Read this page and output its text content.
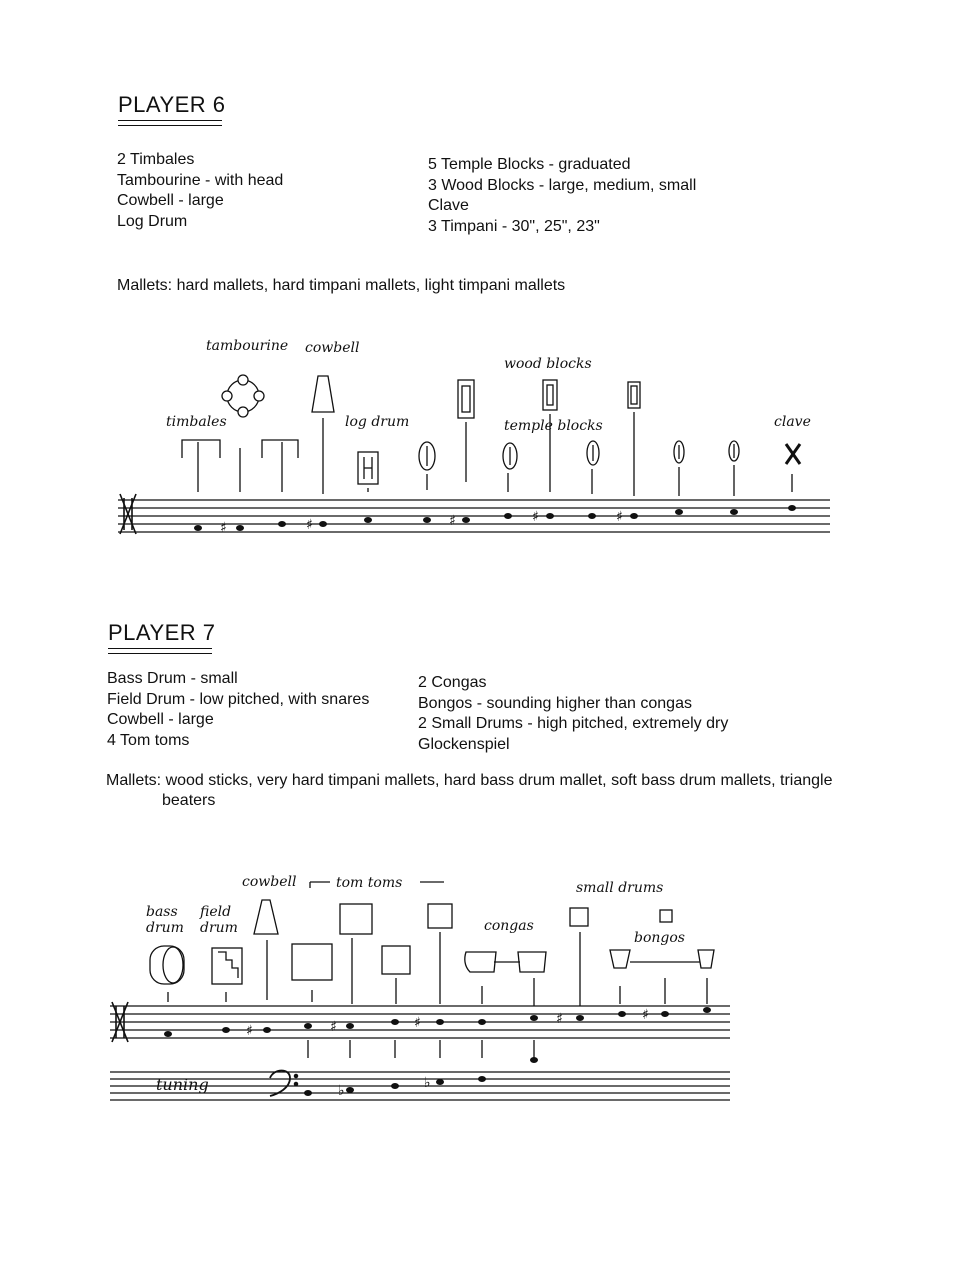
PLAYER 6
2 Timbales
Tambourine - with head
Cowbell - large
Log Drum
5 Temple Blocks - graduated
3 Wood Blocks - large, medium, small
Clave
3 Timpani - 30", 25", 23"
Mallets: hard mallets, hard timpani mallets, light timpani mallets
♯	♯	♯	♯	♯
tambourine cowbell
timbales	log drum
wood blocks
temple blocks	clave
PLAYER 7
Bass Drum - small
Field Drum - low pitched, with snares
Cowbell - large
4 Tom toms
2 Congas
Bongos - sounding higher than congas
2 Small Drums - high pitched, extremely dry
Glockenspiel
Mallets: wood sticks, very hard timpani mallets, hard bass drum mallet, soft bass drum mallets, triangle
beaters
♯	♯	♯	♯	♯
♭	♭
bass
drum
field
drum
cowbell	tom toms
congas
small drums
bongos
tuning
